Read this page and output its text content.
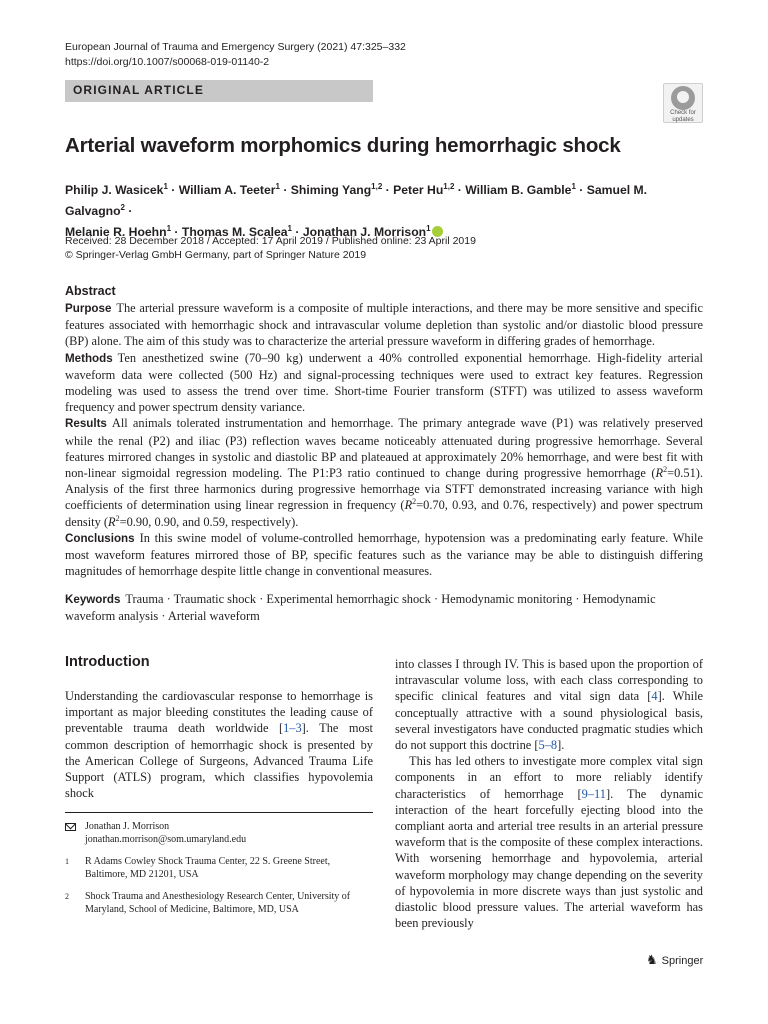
European Journal of Trauma and Emergency Surgery (2021) 47:325–332
https://doi.org/10.1007/s00068-019-01140-2
ORIGINAL ARTICLE
Check for
updates
Arterial waveform morphomics during hemorrhagic shock
Philip J. Wasicek$^1$ · William A. Teeter$^1$ · Shiming Yang$^{1,2}$ · Peter Hu$^{1,2}$ · William B. Gamble$^1$ · Samuel M. Galvagno$^2$ ·
Melanie R. Hoehn$^1$ · Thomas M. Scalea$^1$ · Jonathan J. Morrison$^1$
Received: 28 December 2018 / Accepted: 17 April 2019 / Published online: 23 April 2019
© Springer-Verlag GmbH Germany, part of Springer Nature 2019
Abstract

Purpose The arterial pressure waveform is a composite of multiple interactions, and there may be more sensitive and specific features associated with hemorrhagic shock and intravascular volume depletion than systolic and/or diastolic blood pressure (BP) alone. The aim of this study was to characterize the arterial pressure waveform in differing grades of hemorrhage.

Methods Ten anesthetized swine (70–90 kg) underwent a 40% controlled exponential hemorrhage. High-fidelity arterial waveform data were collected (500 Hz) and signal-processing techniques were used to extract key features. Regression modeling was used to assess the trend over time. Short-time Fourier transform (STFT) was utilized to assess waveform frequency and power spectrum density variance.

Results All animals tolerated instrumentation and hemorrhage. The primary antegrade wave (P1) was relatively preserved while the renal (P2) and iliac (P3) reflection waves became noticeably attenuated during progressive hemorrhage. Several features mirrored changes in systolic and diastolic BP and plateaued at approximately 20% hemorrhage, and were best fit with non-linear sigmoidal regression modeling. The P1:P3 ratio continued to change during progressive hemorrhage $(R^2=0.51)$. Analysis of the first three harmonics during progressive hemorrhage via STFT demonstrated increasing variance with high coefficients of determination using linear regression in frequency ($R^2=0.70$, 0.93, and 0.76, respectively) and power spectrum density ($R^2=0.90$, 0.90, and 0.59, respectively).

Conclusions In this swine model of volume-controlled hemorrhage, hypotension was a predominating early feature. While most waveform features mirrored those of BP, specific features such as the variance may be able to distinguish differing magnitudes of hemorrhage despite little change in conventional measures.

Keywords Trauma · Traumatic shock · Experimental hemorrhagic shock · Hemodynamic monitoring · Hemodynamic waveform analysis · Arterial waveform
Introduction

Understanding the cardiovascular response to hemorrhage is important as major bleeding constitutes the leading cause of preventable trauma death worldwide [1–3]. The most common description of hemorrhagic shock is presented by the American College of Surgeons, Advanced Trauma Life Support (ATLS) program, which classifies hypovolemia shock

Jonathan J. Morrison
jonathan.morrison@som.umaryland.edu
1 R Adams Cowley Shock Trauma Center, 22 S. Greene Street, Baltimore, MD 21201, USA
2 Shock Trauma and Anesthesiology Research Center, University of Maryland, School of Medicine, Baltimore, MD, USA

into classes I through IV. This is based upon the proportion of intravascular volume loss, with each class corresponding to specific clinical features and vital sign data [4]. While conceptually attractive with a sound physiological basis, several investigators have conducted pragmatic studies which do not support this doctrine [5–8].

This has led others to investigate more complex vital sign components in an effort to more reliably identify characteristics of hemorrhage [9–11]. The dynamic interaction of the heart forcefully ejecting blood into the compliant aorta and arterial tree results in an arterial pressure waveform that is the composite of these complex interactions. With worsening hemorrhage and hypovolemia, arterial waveform morphology may change depending on the severity of hypovolemia in more discrete ways than just systolic and diastolic blood pressure values. The arterial waveform has been previously

♞ Springer
